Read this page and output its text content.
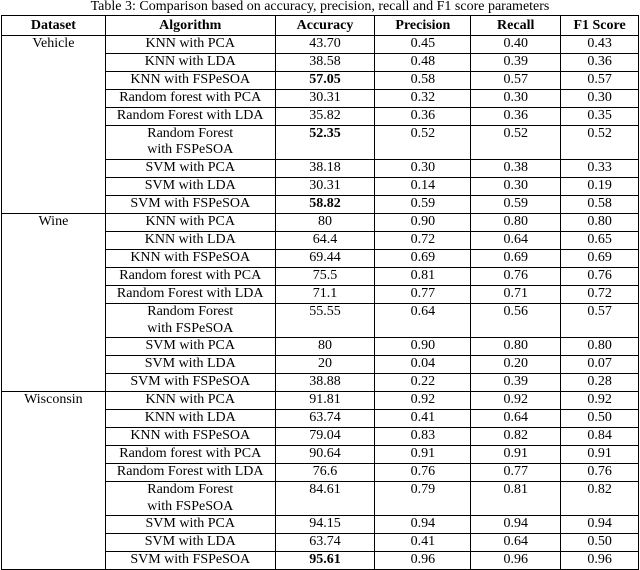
Table 3: Comparison based on accuracy, precision, recall and F1 score parameters
Dataset	Algorithm	Accuracy	Precision	Recall	F1 Score
Vehicle	KNN with PCA	43.70	0.45	0.40	0.43
	KNN with LDA	38.58	0.48	0.39	0.36
	KNN with FSPeSOA	57.05	0.58	0.57	0.57
	Random forest with PCA	30.31	0.32	0.30	0.30
	Random Forest with LDA	35.82	0.36	0.36	0.35
	Random Forest with FSPeSOA	52.35	0.52	0.52	0.52
	SVM with PCA	38.18	0.30	0.38	0.33
	SVM with LDA	30.31	0.14	0.30	0.19
	SVM with FSPeSOA	58.82	0.59	0.59	0.58
Wine	KNN with PCA	80	0.90	0.80	0.80
	KNN with LDA	64.4	0.72	0.64	0.65
	KNN with FSPeSOA	69.44	0.69	0.69	0.69
	Random forest with PCA	75.5	0.81	0.76	0.76
	Random Forest with LDA	71.1	0.77	0.71	0.72
	Random Forest with FSPeSOA	55.55	0.64	0.56	0.57
	SVM with PCA	80	0.90	0.80	0.80
	SVM with LDA	20	0.04	0.20	0.07
	SVM with FSPeSOA	38.88	0.22	0.39	0.28
Wisconsin	KNN with PCA	91.81	0.92	0.92	0.92
	KNN with LDA	63.74	0.41	0.64	0.50
	KNN with FSPeSOA	79.04	0.83	0.82	0.84
	Random forest with PCA	90.64	0.91	0.91	0.91
	Random Forest with LDA	76.6	0.76	0.77	0.76
	Random Forest with FSPeSOA	84.61	0.79	0.81	0.82
	SVM with PCA	94.15	0.94	0.94	0.94
	SVM with LDA	63.74	0.41	0.64	0.50
	SVM with FSPeSOA	95.61	0.96	0.96	0.96
